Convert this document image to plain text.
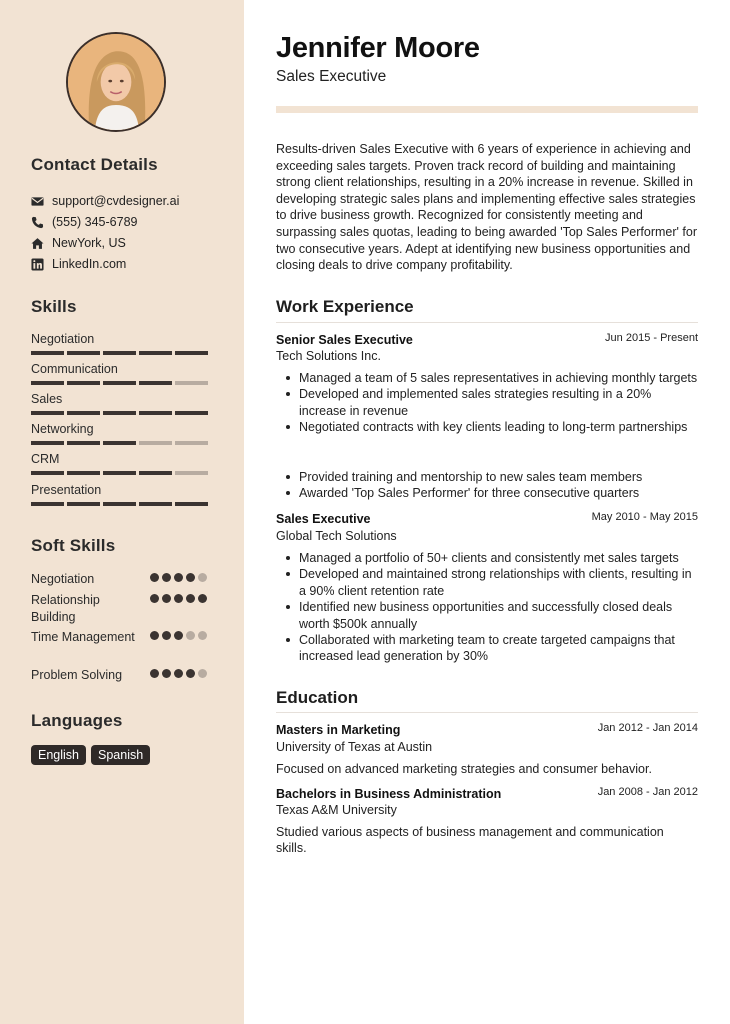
Contact Details
support@cvdesigner.ai
(555) 345-6789
NewYork, US
LinkedIn.com
Skills
Negotiation
Communication
Sales
Networking
CRM
Presentation
Soft Skills
Negotiation
Relationship Building
Time Management
Problem Solving
Languages
English	Spanish
Jennifer Moore
Sales Executive
Results-driven Sales Executive with 6 years of experience in achieving and exceeding sales targets. Proven track record of building and maintaining strong client relationships, resulting in a 20% increase in revenue. Skilled in developing strategic sales plans and implementing effective sales strategies to drive business growth. Recognized for consistently meeting and surpassing sales quotas, leading to being awarded 'Top Sales Performer' for two consecutive years. Adept at identifying new business opportunities and closing deals to drive company profitability.
Work Experience
Senior Sales Executive	Jun 2015 - Present
Tech Solutions Inc.
Managed a team of 5 sales representatives in achieving monthly targets
Developed and implemented sales strategies resulting in a 20% increase in revenue
Negotiated contracts with key clients leading to long-term partnerships
Provided training and mentorship to new sales team members
Awarded 'Top Sales Performer' for three consecutive quarters
Sales Executive	May 2010 - May 2015
Global Tech Solutions
Managed a portfolio of 50+ clients and consistently met sales targets
Developed and maintained strong relationships with clients, resulting in a 90% client retention rate
Identified new business opportunities and successfully closed deals worth $500k annually
Collaborated with marketing team to create targeted campaigns that increased lead generation by 30%
Education
Masters in Marketing	Jan 2012 - Jan 2014
University of Texas at Austin
Focused on advanced marketing strategies and consumer behavior.
Bachelors in Business Administration	Jan 2008 - Jan 2012
Texas A&M University
Studied various aspects of business management and communication skills.
